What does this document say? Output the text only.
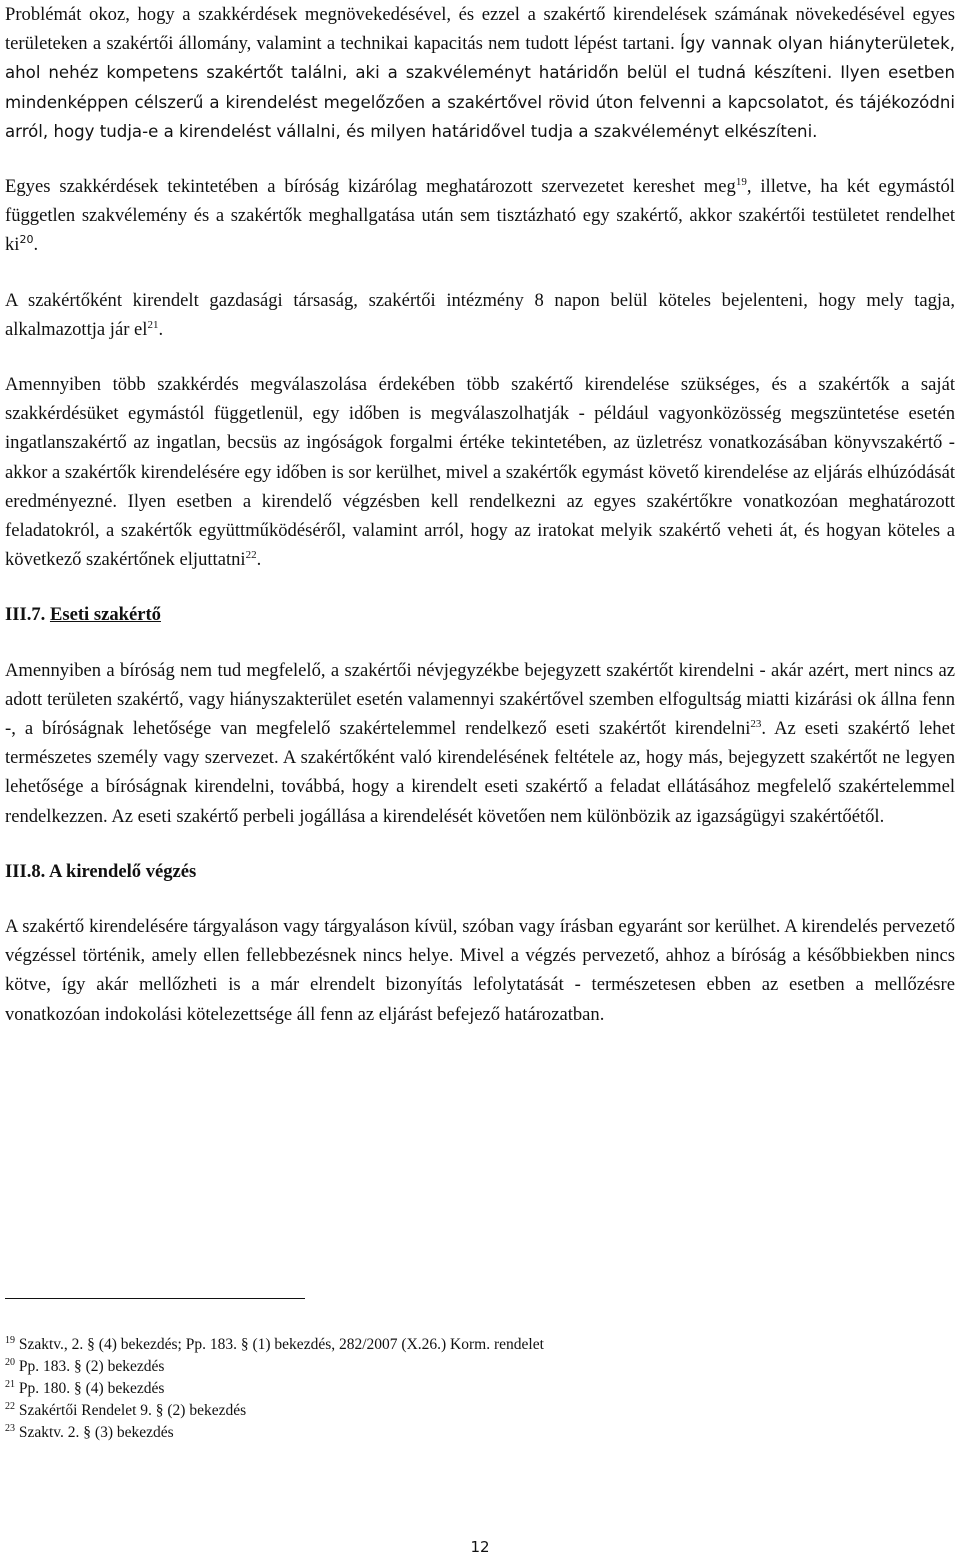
Problémát okoz, hogy a szakkérdések megnövekedésével, és ezzel a szakértő kirendelések számának növekedésével egyes területeken a szakértői állomány, valamint a technikai kapacitás nem tudott lépést tartani. Így vannak olyan hiányterületek, ahol nehéz kompetens szakértőt találni, aki a szakvéleményt határidőn belül el tudná készíteni. Ilyen esetben mindenképpen célszerű a kirendelést megelőzően a szakértővel rövid úton felvenni a kapcsolatot, és tájékozódni arról, hogy tudja-e a kirendelést vállalni, és milyen határidővel tudja a szakvéleményt elkészíteni.

Egyes szakkérdések tekintetében a bíróság kizárólag meghatározott szervezetet kereshet meg$^{19}$, illetve, ha két egymástól független szakvélemény és a szakértők meghallgatása után sem tisztázható egy szakértő, akkor szakértői testületet rendelhet $ki^{20}$.

A szakértőként kirendelt gazdasági társaság, szakértői intézmény 8 napon belül köteles bejelenteni, hogy mely tagja, alkalmazottja jár $el^{21}$.

Amennyiben több szakkérdés megválaszolása érdekében több szakértő kirendelése szükséges, és a szakértők a saját szakkérdésüket egymástól függetlenül, egy időben is megválaszolhatják - például vagyonközösség megszüntetése esetén ingatlanszakértő az ingatlan, becsüs az ingóságok forgalmi értéke tekintetében, az üzletrész vonatkozásában könyvszakértő - akkor a szakértők kirendelésére egy időben is sor kerülhet, mivel a szakértők egymást követő kirendelése az eljárás elhúzódását eredményezné. Ilyen esetben a kirendelő végzésben kell rendelkezni az egyes szakértőkre vonatkozóan meghatározott feladatokról, a szakértők együttműködéséről, valamint arról, hogy az iratokat melyik szakértő veheti át, és hogyan köteles a következő szakértőnek eljuttatni$^{22}$.

III.7. Eseti szakértő

Amennyiben a bíróság nem tud megfelelő, a szakértői névjegyzékbe bejegyzett szakértőt kirendelni - akár azért, mert nincs az adott területen szakértő, vagy hiányszakterület esetén valamennyi szakértővel szemben elfogultság miatti kizárási ok állna fenn -, a bíróságnak lehetősége van megfelelő szakértelemmel rendelkező eseti szakértőt kirendelni$^{23}$. Az eseti szakértő lehet természetes személy vagy szervezet. A szakértőként való kirendelésének feltétele az, hogy más, bejegyzett szakértőt ne legyen lehetősége a bíróságnak kirendelni, továbbá, hogy a kirendelt eseti szakértő a feladat ellátásához megfelelő szakértelemmel rendelkezzen. Az eseti szakértő perbeli jogállása a kirendelését követően nem különbözik az igazságügyi szakértőétől.

III.8. A kirendelő végzés

A szakértő kirendelésére tárgyaláson vagy tárgyaláson kívül, szóban vagy írásban egyaránt sor kerülhet. A kirendelés pervezető végzéssel történik, amely ellen fellebbezésnek nincs helye. Mivel a végzés pervezető, ahhoz a bíróság a későbbiekben nincs kötve, így akár mellőzheti is a már elrendelt bizonyítás lefolytatását - természetesen ebben az esetben a mellőzésre vonatkozóan indokolási kötelezettsége áll fenn az eljárást befejező határozatban.

$^{19}$ Szaktv., 2. § (4) bekezdés; Pp. 183. § (1) bekezdés, 282/2007 (X.26.) Korm. rendelet
$^{20}$ Pp. 183. § (2) bekezdés
$^{21}$ Pp. 180. § (4) bekezdés
$^{22}$ Szakértői Rendelet 9. § (2) bekezdés
$^{23}$ Szaktv. 2. § (3) bekezdés
12
